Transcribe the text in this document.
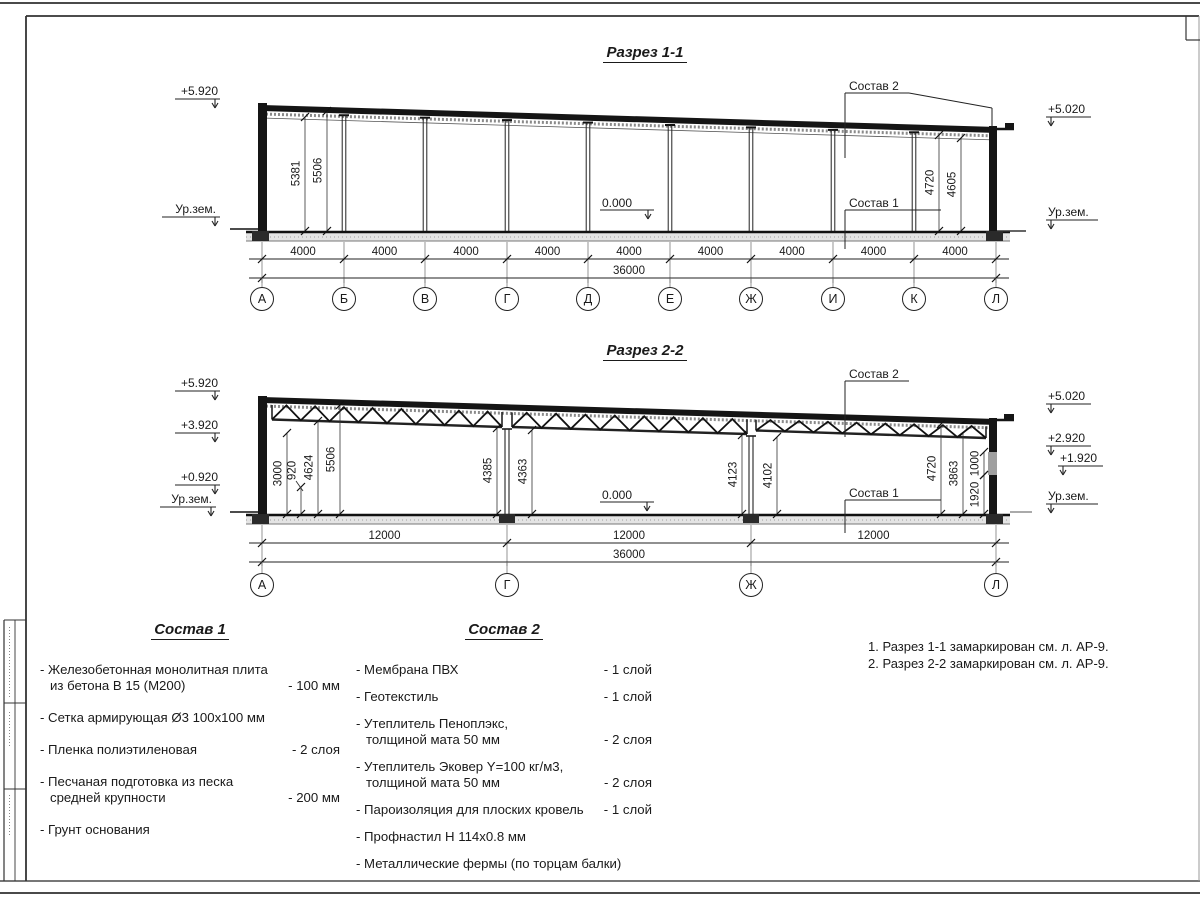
Разрез 1-1
Разрез 2-2
Состав 1
- Железобетонная монолитная плита
из бетона В 15 (М200)	- 100 мм
- Сетка армирующая Ø3 100х100 мм
- Пленка полиэтиленовая	- 2 слоя
- Песчаная подготовка из песка
средней крупности	- 200 мм
- Грунт основания
Состав 2
- Мембрана ПВХ	- 1 слой
- Геотекстиль	- 1 слой
- Утеплитель Пеноплэкс,
толщиной мата 50 мм	- 2 слоя
- Утеплитель Эковер Y=100 кг/м3,
толщиной мата 50 мм	- 2 слоя
- Пароизоляция для плоских кровель	- 1 слой
- Профнастил Н 114х0.8 мм
- Металлические фермы (по торцам балки)
1. Разрез 1-1 замаркирован см. л. АР-9.
2. Разрез 2-2 замаркирован см. л. АР-9.
5381 5506	4720 4605
Состав 2
Состав 1
0.000
4000	4000	4000	4000	4000	4000	4000	4000	4000
36000
А	Б	В	Г	Д	Е	Ж	И	К	Л
3000 920 4624 5506	4385 4363	4123 4102	4720 3863 1000
1920
Состав 2
Состав 1
0.000
12000	12000	12000
36000
А	Г	Ж	Л
+5.920
Ур.зем.
+5.020
Ур.зем.
+5.920
+3.920
+0.920
Ур.зем.
+5.020
+2.920
+1.920
Ур.зем.
